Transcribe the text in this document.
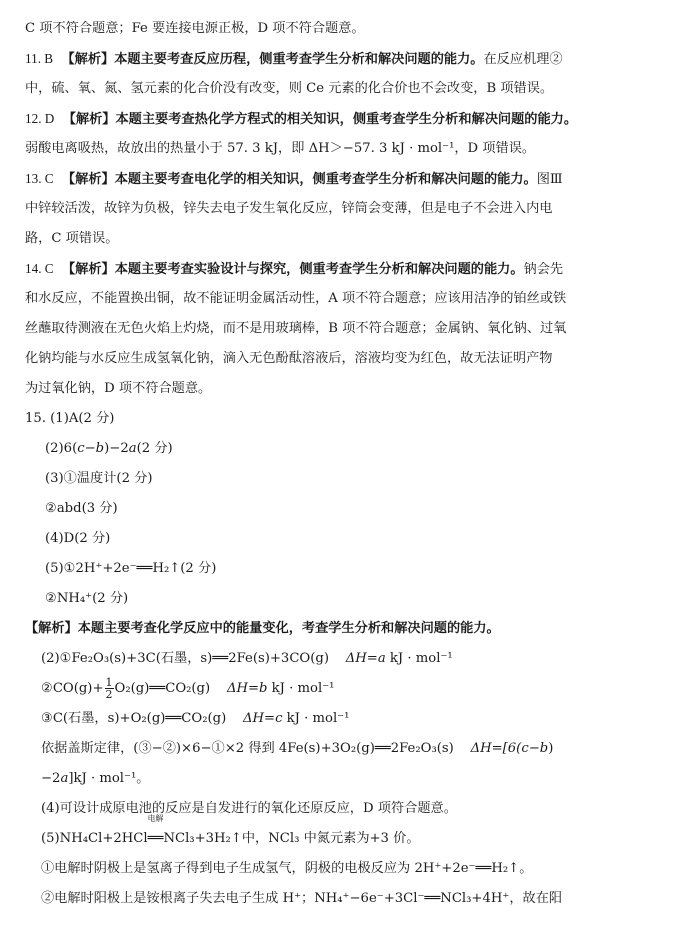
C 项不符合题意；Fe 要连接电源正极，D 项不符合题意。
11. B 【解析】本题主要考查反应历程，侧重考查学生分析和解决问题的能力。在反应机理②
中，硫、氧、氮、氢元素的化合价没有改变，则 Ce 元素的化合价也不会改变，B 项错误。
12. D 【解析】本题主要考查热化学方程式的相关知识，侧重考查学生分析和解决问题的能力。
弱酸电离吸热，故放出的热量小于 57. 3 kJ，即 ΔH＞−57. 3 kJ · mol⁻¹，D 项错误。
13. C 【解析】本题主要考查电化学的相关知识，侧重考查学生分析和解决问题的能力。图Ⅲ
中锌较活泼，故锌为负极，锌失去电子发生氧化反应，锌筒会变薄，但是电子不会进入内电
路，C 项错误。
14. C 【解析】本题主要考查实验设计与探究，侧重考查学生分析和解决问题的能力。钠会先
和水反应，不能置换出铜，故不能证明金属活动性，A 项不符合题意；应该用洁净的铂丝或铁
丝蘸取待测液在无色火焰上灼烧，而不是用玻璃棒，B 项不符合题意；金属钠、氧化钠、过氧
化钠均能与水反应生成氢氧化钠，滴入无色酚酞溶液后，溶液均变为红色，故无法证明产物
为过氧化钠，D 项不符合题意。
15. (1)A(2 分)
(2)6(c−b)−2a(2 分)
(3)①温度计(2 分)
②abd(3 分)
(4)D(2 分)
(5)①2H⁺+2e⁻══H₂↑(2 分)
②NH₄⁺(2 分)
【解析】本题主要考查化学反应中的能量变化，考查学生分析和解决问题的能力。
(2)①Fe₂O₃(s)+3C(石墨，s)══2Fe(s)+3CO(g) ΔH=a kJ · mol⁻¹
②CO(g)+ $\frac{1}{2}$ O₂(g)══CO₂(g) ΔH=b kJ · mol⁻¹
③C(石墨，s)+O₂(g)══CO₂(g) ΔH=c kJ · mol⁻¹
依据盖斯定律，(③−②)×6−①×2 得到 4Fe(s)+3O₂(g)══2Fe₂O₃(s) ΔH=[6(c−b)
−2a]kJ · mol⁻¹。
(4)可设计成原电池的反应是自发进行的氧化还原反应，D 项符合题意。
(5)NH₄Cl+2HCl
电解
══NCl₃+3H₂↑中，NCl₃ 中氮元素为+3 价。
①电解时阴极上是氢离子得到电子生成氢气，阴极的电极反应为 2H⁺+2e⁻══H₂↑。
②电解时阳极上是铵根离子失去电子生成 H⁺；NH₄⁺−6e⁻+3Cl⁻══NCl₃+4H⁺，故在阳
